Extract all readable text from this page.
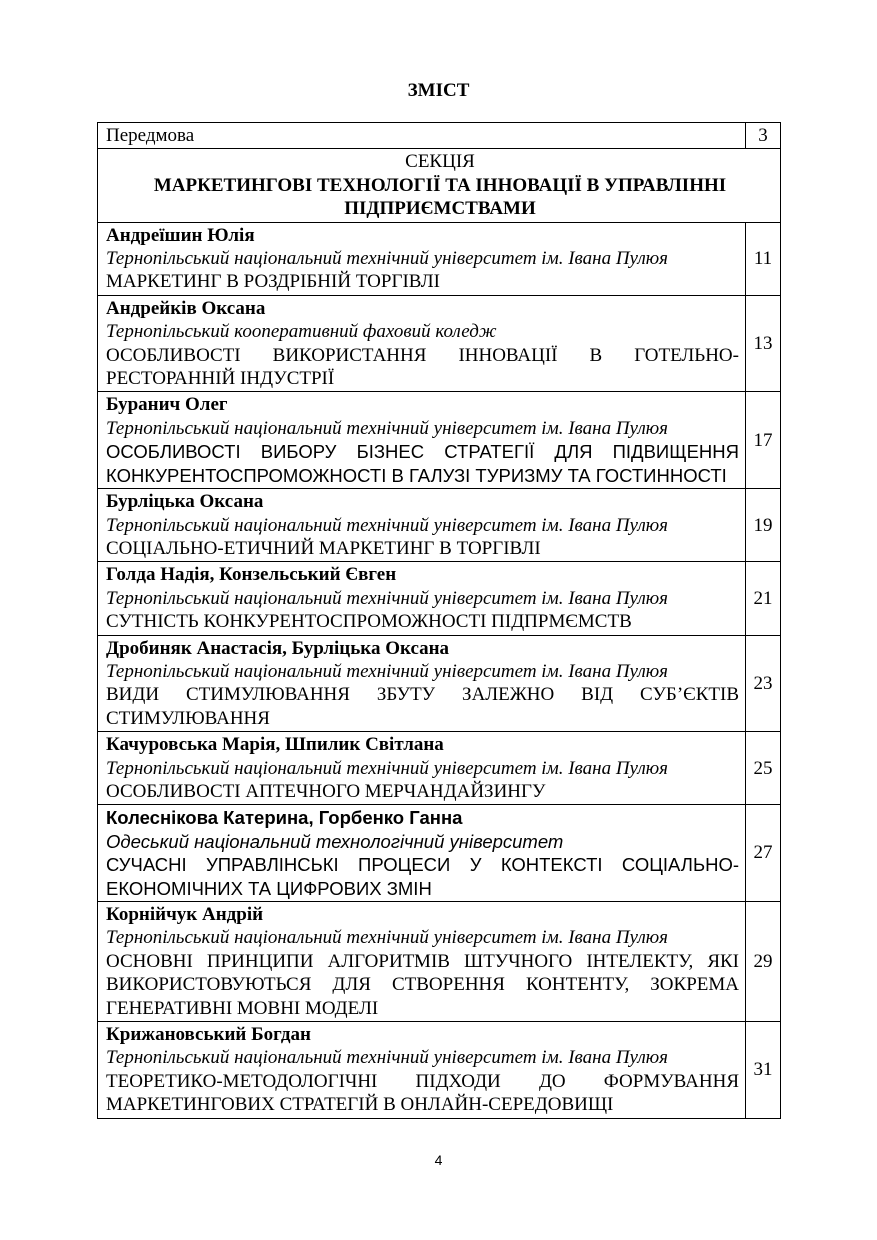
ЗМІСТ
Передмова	3

СЕКЦІЯ
МАРКЕТИНГОВІ ТЕХНОЛОГІЇ ТА ІННОВАЦІЇ В УПРАВЛІННІ ПІДПРИЄМСТВАМИ	

Андреїшин Юлія
Тернопільський національний технічний університет ім. Івана Пулюя
МАРКЕТИНГ В РОЗДРІБНІЙ ТОРГІВЛІ	11

Андрейків Оксана
Тернопільський кооперативний фаховий коледж
ОСОБЛИВОСТІ ВИКОРИСТАННЯ ІННОВАЦІЇ В ГОТЕЛЬНО-РЕСТОРАННІЙ ІНДУСТРІЇ	13

Буранич Олег
Тернопільський національний технічний університет ім. Івана Пулюя
ОСОБЛИВОСТІ ВИБОРУ БІЗНЕС СТРАТЕГІЇ ДЛЯ ПІДВИЩЕННЯ КОНКУРЕНТОСПРОМОЖНОСТІ В ГАЛУЗІ ТУРИЗМУ ТА ГОСТИННОСТІ	17

Бурліцька Оксана
Тернопільський національний технічний університет ім. Івана Пулюя
СОЦІАЛЬНО-ЕТИЧНИЙ МАРКЕТИНГ В ТОРГІВЛІ	19

Голда Надія, Конзельський Євген
Тернопільський національний технічний університет ім. Івана Пулюя
СУТНІСТЬ КОНКУРЕНТОСПРОМОЖНОСТІ ПІДПРМЄМСТВ	21

Дробиняк Анастасія, Бурліцька Оксана
Тернопільський національний технічний університет ім. Івана Пулюя
ВИДИ СТИМУЛЮВАННЯ ЗБУТУ ЗАЛЕЖНО ВІД СУБ’ЄКТІВ СТИМУЛЮВАННЯ	23

Качуровська Марія, Шпилик Світлана
Тернопільський національний технічний університет ім. Івана Пулюя
ОСОБЛИВОСТІ АПТЕЧНОГО МЕРЧАНДАЙЗИНГУ	25

Колеснікова Катерина, Горбенко Ганна
Одеський національний технологічний університет
СУЧАСНІ УПРАВЛІНСЬКІ ПРОЦЕСИ У КОНТЕКСТІ СОЦІАЛЬНО-ЕКОНОМІЧНИХ ТА ЦИФРОВИХ ЗМІН	27

Корнійчук Андрій
Тернопільський національний технічний університет ім. Івана Пулюя
ОСНОВНІ ПРИНЦИПИ АЛГОРИТМІВ ШТУЧНОГО ІНТЕЛЕКТУ, ЯКІ ВИКОРИСТОВУЮТЬСЯ ДЛЯ СТВОРЕННЯ КОНТЕНТУ, ЗОКРЕМА ГЕНЕРАТИВНІ МОВНІ МОДЕЛІ	29

Крижановський Богдан
Тернопільський національний технічний університет ім. Івана Пулюя
ТЕОРЕТИКО-МЕТОДОЛОГІЧНІ ПІДХОДИ ДО ФОРМУВАННЯ МАРКЕТИНГОВИХ СТРАТЕГІЙ В ОНЛАЙН-СЕРЕДОВИЩІ	31
4
